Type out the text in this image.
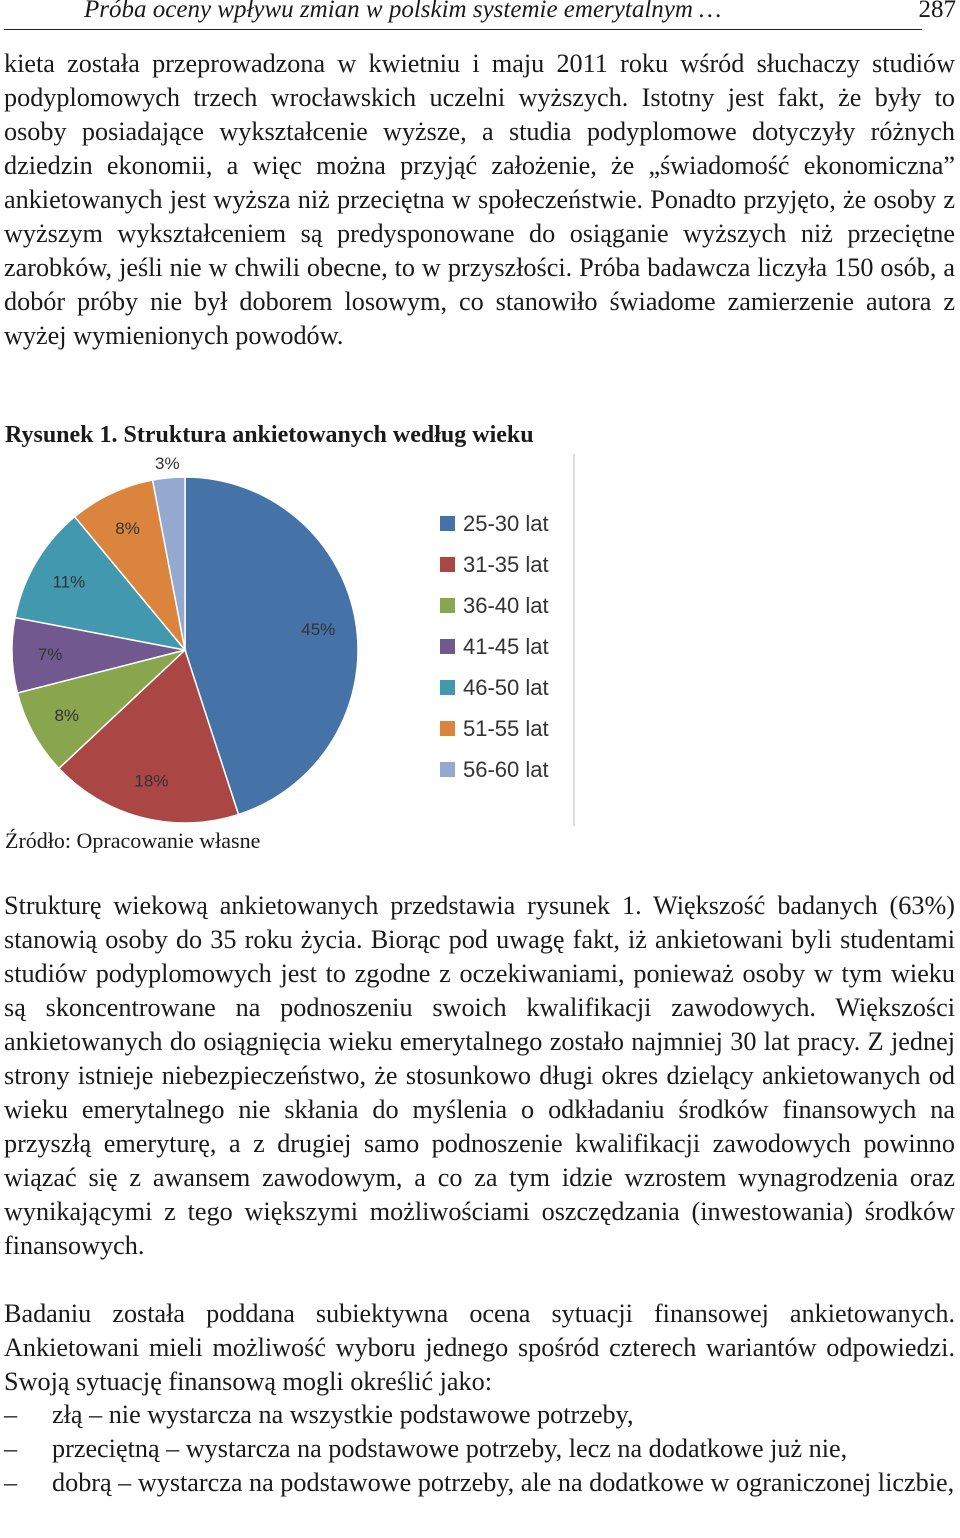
Próba oceny wpływu zmian w polskim systemie emerytalnym …	287

kieta została przeprowadzona w kwietniu i maju 2011 roku wśród słuchaczy studiów podyplomowych trzech wrocławskich uczelni wyższych. Istotny jest fakt, że były to osoby posiadające wykształcenie wyższe, a studia podyplomowe dotyczyły różnych dziedzin ekonomii, a więc można przyjąć założenie, że „świadomość ekonomiczna” ankietowanych jest wyższa niż przeciętna w społeczeństwie. Ponadto przyjęto, że osoby z wyższym wykształceniem są predysponowane do osiąganie wyższych niż przeciętne zarobków, jeśli nie w chwili obecne, to w przyszłości. Próba badawcza liczyła 150 osób, a dobór próby nie był doborem losowym, co stanowiło świadome zamierzenie autora z wyżej wymienionych powodów.

Rysunek 1. Struktura ankietowanych według wieku
45%
18%
8%
7%
11%
8%
3%
25-30 lat
31-35 lat
36-40 lat
41-45 lat
46-50 lat
51-55 lat
56-60 lat
Źródło: Opracowanie własne

Strukturę wiekową ankietowanych przedstawia rysunek 1. Większość badanych (63%) stanowią osoby do 35 roku życia. Biorąc pod uwagę fakt, iż ankietowani byli studentami studiów podyplomowych jest to zgodne z oczekiwaniami, ponieważ osoby w tym wieku są skoncentrowane na podnoszeniu swoich kwalifikacji zawodowych. Większości ankietowanych do osiągnięcia wieku emerytalnego zostało najmniej 30 lat pracy. Z jednej strony istnieje niebezpieczeństwo, że stosunkowo długi okres dzielący ankietowanych od wieku emerytalnego nie skłania do myślenia o odkładaniu środków finansowych na przyszłą emeryturę, a z drugiej samo podnoszenie kwalifikacji zawodowych powinno wiązać się z awansem zawodowym, a co za tym idzie wzrostem wynagrodzenia oraz wynikającymi z tego większymi możliwościami oszczędzania (inwestowania) środków finansowych.

Badaniu została poddana subiektywna ocena sytuacji finansowej ankietowanych. Ankietowani mieli możliwość wyboru jednego spośród czterech wariantów odpowiedzi. Swoją sytuację finansową mogli określić jako:

– złą – nie wystarcza na wszystkie podstawowe potrzeby,
– przeciętną – wystarcza na podstawowe potrzeby, lecz na dodatkowe już nie,
– dobrą – wystarcza na podstawowe potrzeby, ale na dodatkowe w ograniczonej liczbie,
